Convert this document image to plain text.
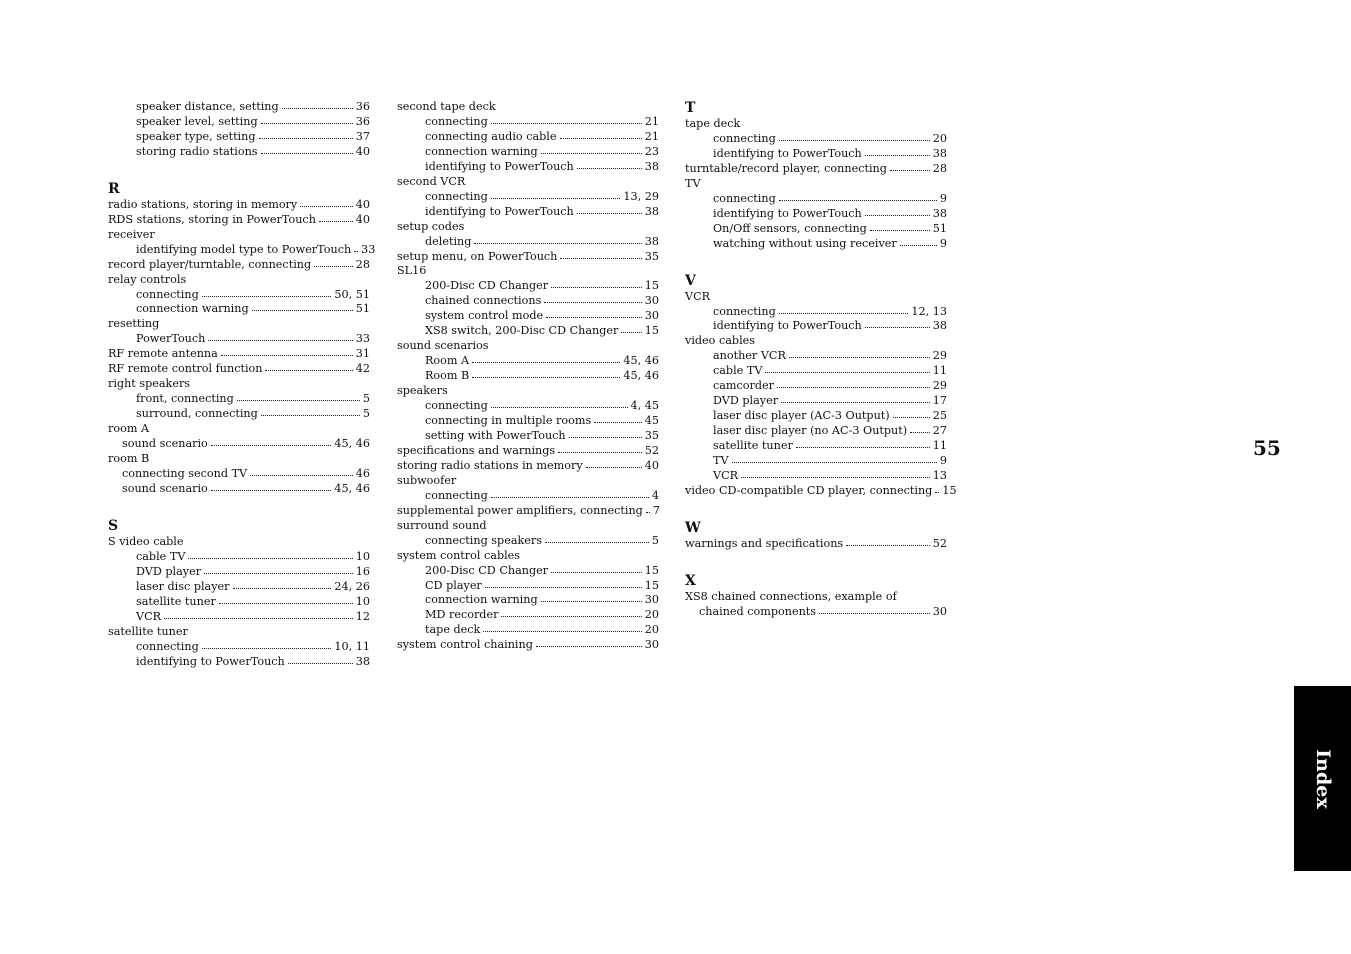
speaker distance, setting	36
speaker level, setting	36
speaker type, setting	37
storing radio stations	40
R
radio stations, storing in memory	40
RDS stations, storing in PowerTouch	40
receiver
identifying model type to PowerTouch 33
record player/turntable, connecting	28
relay controls
connecting	50, 51
connection warning	51
resetting
PowerTouch	33
RF remote antenna	31
RF remote control function	42
right speakers
front, connecting	5
surround, connecting	5
room A
sound scenario	45, 46
room B
connecting second TV	46
sound scenario	45, 46
S
S video cable
cable TV	10
DVD player	16
laser disc player	24, 26
satellite tuner	10
VCR	12
satellite tuner
connecting	10, 11
identifying to PowerTouch	38
second tape deck
connecting	21
connecting audio cable	21
connection warning	23
identifying to PowerTouch	38
second VCR
connecting	13, 29
identifying to PowerTouch	38
setup codes
deleting	38
setup menu, on PowerTouch	35
SL16
200-Disc CD Changer	15
chained connections	30
system control mode	30
XS8 switch, 200-Disc CD Changer 15
sound scenarios
Room A	45, 46
Room B	45, 46
speakers
connecting	4, 45
connecting in multiple rooms	45
setting with PowerTouch	35
specifications and warnings	52
storing radio stations in memory	40
subwoofer
connecting	4
supplemental power amplifiers, connecting 7
surround sound
connecting speakers	5
system control cables
200-Disc CD Changer	15
CD player	15
connection warning	30
MD recorder	20
tape deck	20
system control chaining	30
T
tape deck
connecting	20
identifying to PowerTouch	38
turntable/record player, connecting	28
TV
connecting	9
identifying to PowerTouch	38
On/Off sensors, connecting	51
watching without using receiver	9
V
VCR
connecting	12, 13
identifying to PowerTouch	38
video cables
another VCR	29
cable TV	11
camcorder	29
DVD player	17
laser disc player (AC-3 Output)	25
laser disc player (no AC-3 Output) 27
satellite tuner	11
TV	9
VCR	13
video CD-compatible CD player, connecting 15
W
warnings and specifications	52
X
XS8 chained connections, example of
chained components	30
55
Index
